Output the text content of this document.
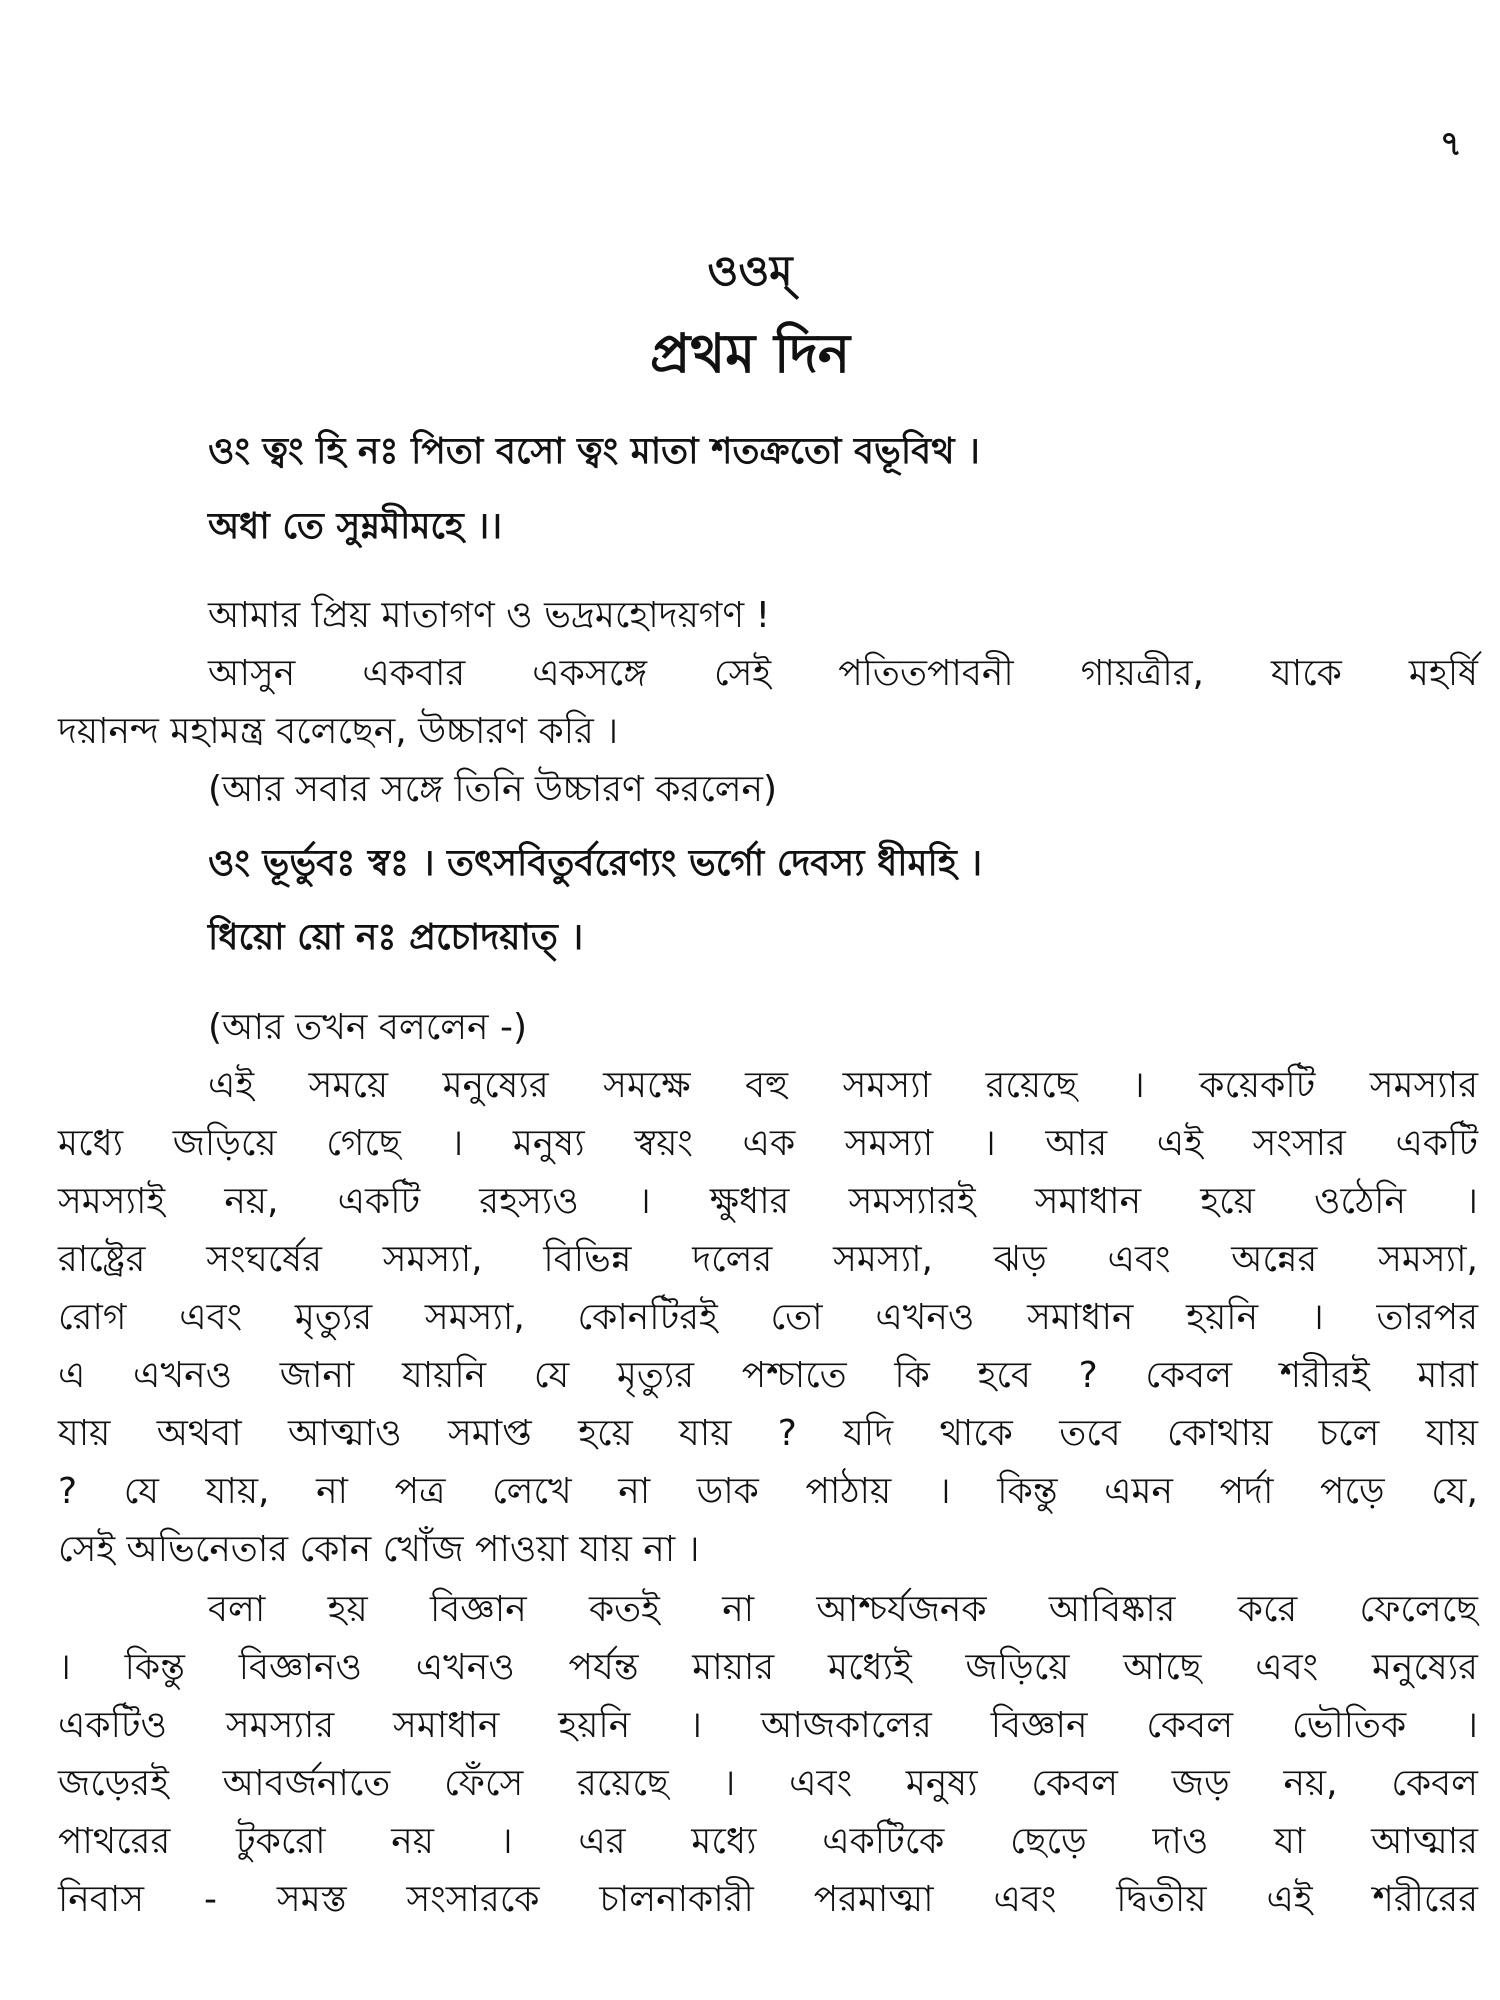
৭
ওওম্
প্রথম দিন
ওং ত্বং হি নঃ পিতা বসো ত্বং মাতা শতক্রতো বভূবিথ ।
অধা তে সুম্নমীমহে ।।
আমার প্রিয় মাতাগণ ও ভদ্রমহোদয়গণ !
আসুন একবার একসঙ্গে সেই পতিতপাবনী গায়ত্রীর, যাকে মহর্ষি
দয়ানন্দ মহামন্ত্র বলেছেন, উচ্চারণ করি ।
(আর সবার সঙ্গে তিনি উচ্চারণ করলেন)
ওং ভূর্ভুবঃ স্বঃ । তৎসবিতুর্বরেণ্যং ভর্গো দেবস্য ধীমহি ।
ধিয়ো য়ো নঃ প্রচোদয়াত্ ।
(আর তখন বললেন -)
এই সময়ে মনুষ্যের সমক্ষে বহু সমস্যা রয়েছে । কয়েকটি সমস্যার
মধ্যে জড়িয়ে গেছে । মনুষ্য স্বয়ং এক সমস্যা । আর এই সংসার একটি
সমস্যাই নয়, একটি রহস্যও । ক্ষুধার সমস্যারই সমাধান হয়ে ওঠেনি ।
রাষ্ট্রের সংঘর্ষের সমস্যা, বিভিন্ন দলের সমস্যা, ঝড় এবং অন্নের সমস্যা,
রোগ এবং মৃত্যুর সমস্যা, কোনটিরই তো এখনও সমাধান হয়নি । তারপর
এ এখনও জানা যায়নি যে মৃত্যুর পশ্চাতে কি হবে ? কেবল শরীরই মারা
যায় অথবা আত্মাও সমাপ্ত হয়ে যায় ? যদি থাকে তবে কোথায় চলে যায়
? যে যায়, না পত্র লেখে না ডাক পাঠায় । কিন্তু এমন পর্দা পড়ে যে,
সেই অভিনেতার কোন খোঁজ পাওয়া যায় না ।
বলা হয় বিজ্ঞান কতই না আশ্চর্যজনক আবিষ্কার করে ফেলেছে
। কিন্তু বিজ্ঞানও এখনও পর্যন্ত মায়ার মধ্যেই জড়িয়ে আছে এবং মনুষ্যের
একটিও সমস্যার সমাধান হয়নি । আজকালের বিজ্ঞান কেবল ভৌতিক ।
জড়েরই আবর্জনাতে ফেঁসে রয়েছে । এবং মনুষ্য কেবল জড় নয়, কেবল
পাথরের টুকরো নয় । এর মধ্যে একটিকে ছেড়ে দাও যা আত্মার
নিবাস - সমস্ত সংসারকে চালনাকারী পরমাত্মা এবং দ্বিতীয় এই শরীরের
